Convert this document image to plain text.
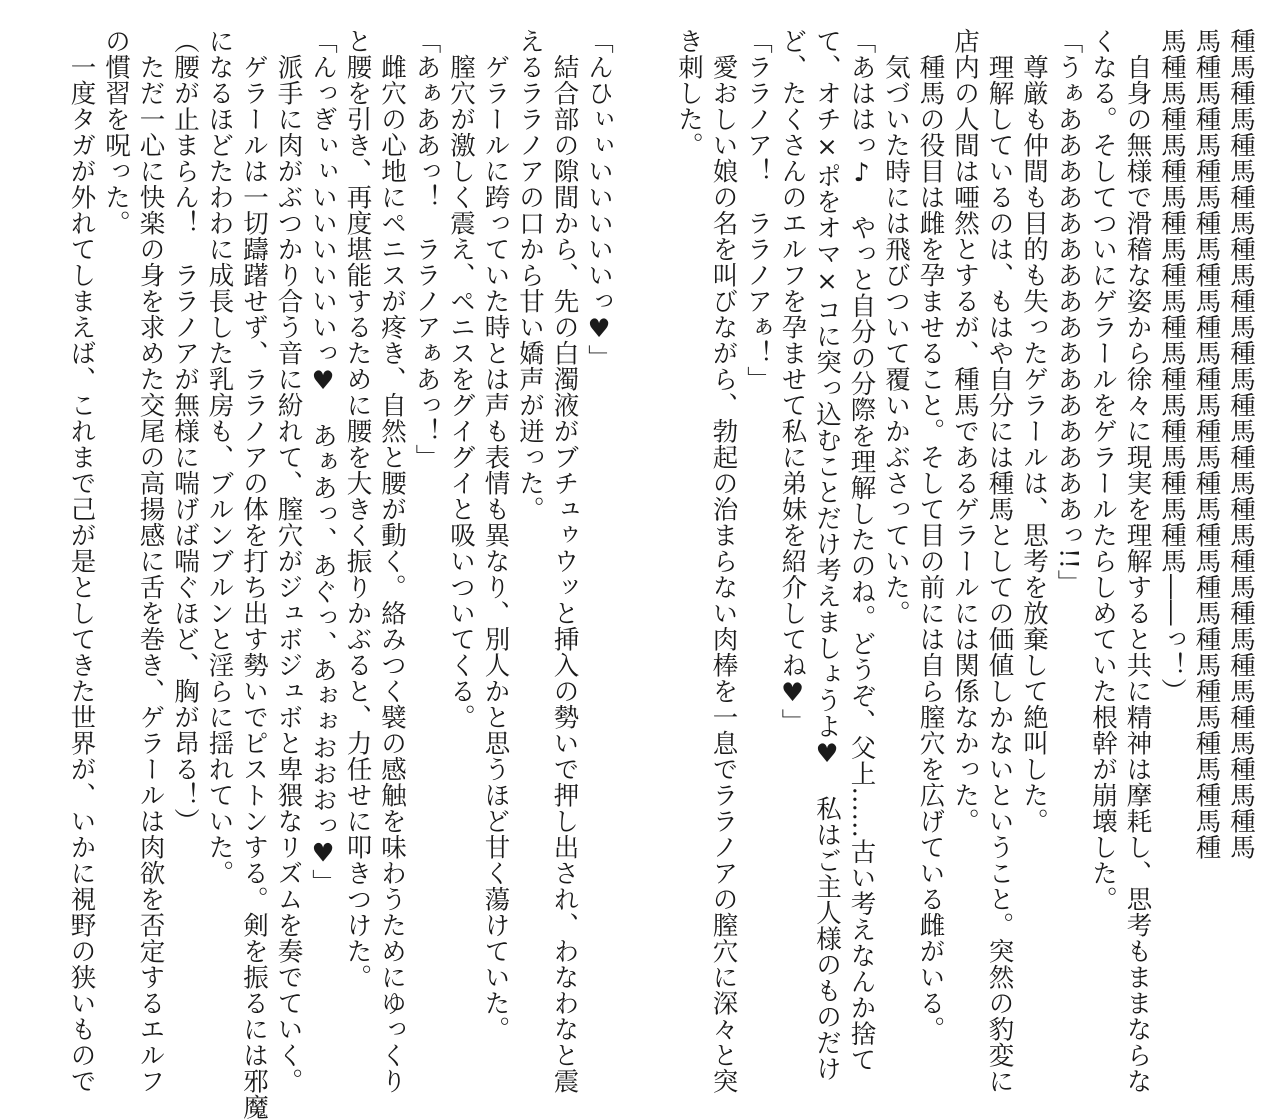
種馬種馬種馬種馬種馬種馬種馬種馬種馬種馬種馬種馬種馬種馬種馬種馬
馬種馬種馬種馬種馬種馬種馬種馬種馬種馬種馬種馬種馬種馬種馬種馬種
馬種馬種馬種馬種馬種馬種馬種馬種馬種馬種馬――っ！）
　自身の無様で滑稽な姿から徐々に現実を理解すると共に精神は摩耗し、思考もままならな
くなる。そしてついにゲラールをゲラールたらしめていた根幹が崩壊した。
「うぁああああああああああああああああっ!!」
　尊厳も仲間も目的も失ったゲラールは、思考を放棄して絶叫した。
　理解しているのは、もはや自分には種馬としての価値しかないということ。突然の豹変に
店内の人間は唖然とするが、種馬であるゲラールには関係なかった。
　種馬の役目は雌を孕ませること。そして目の前には自ら膣穴を広げている雌がいる。
　気づいた時には飛びついて覆いかぶさっていた。
「あははっ♪　やっと自分の分際を理解したのね。どうぞ、父上……古い考えなんか捨て
て、オチ×ポをオマ×コに突っ込むことだけ考えましょうよ♥　私はご主人様のものだけ
ど、たくさんのエルフを孕ませて私に弟妹を紹介してね♥」
「ララノア！　ララノアぁ！」
　愛おしい娘の名を叫びながら、勃起の治まらない肉棒を一息でララノアの膣穴に深々と突
き刺した。
「んひぃぃいいいいいっ♥」
　結合部の隙間から、先の白濁液がブチュゥウッと挿入の勢いで押し出され、わなわなと震
えるララノアの口から甘い嬌声が迸った。
　ゲラールに跨っていた時とは声も表情も異なり、別人かと思うほど甘く蕩けていた。
　膣穴が激しく震え、ペニスをグイグイと吸いついてくる。
「あぁああっ！　ララノアぁあっ！」
　雌穴の心地にペニスが疼き、自然と腰が動く。絡みつく襞の感触を味わうためにゆっくり
と腰を引き、再度堪能するために腰を大きく振りかぶると、力任せに叩きつけた。
「んっぎぃぃいいいいいいっ♥　あぁあっ、あぐっ、あぉぉおおおっ♥」
　派手に肉がぶつかり合う音に紛れて、膣穴がジュボジュボと卑猥なリズムを奏でていく。
　ゲラールは一切躊躇せず、ララノアの体を打ち出す勢いでピストンする。剣を振るには邪魔
になるほどたわわに成長した乳房も、ブルンブルンと淫らに揺れていた。
（腰が止まらん！　ララノアが無様に喘げば喘ぐほど、胸が昂る！）
　ただ一心に快楽の身を求めた交尾の高揚感に舌を巻き、ゲラールは肉欲を否定するエルフ
の慣習を呪った。
　一度タガが外れてしまえば、これまで己が是としてきた世界が、いかに視野の狭いもので
